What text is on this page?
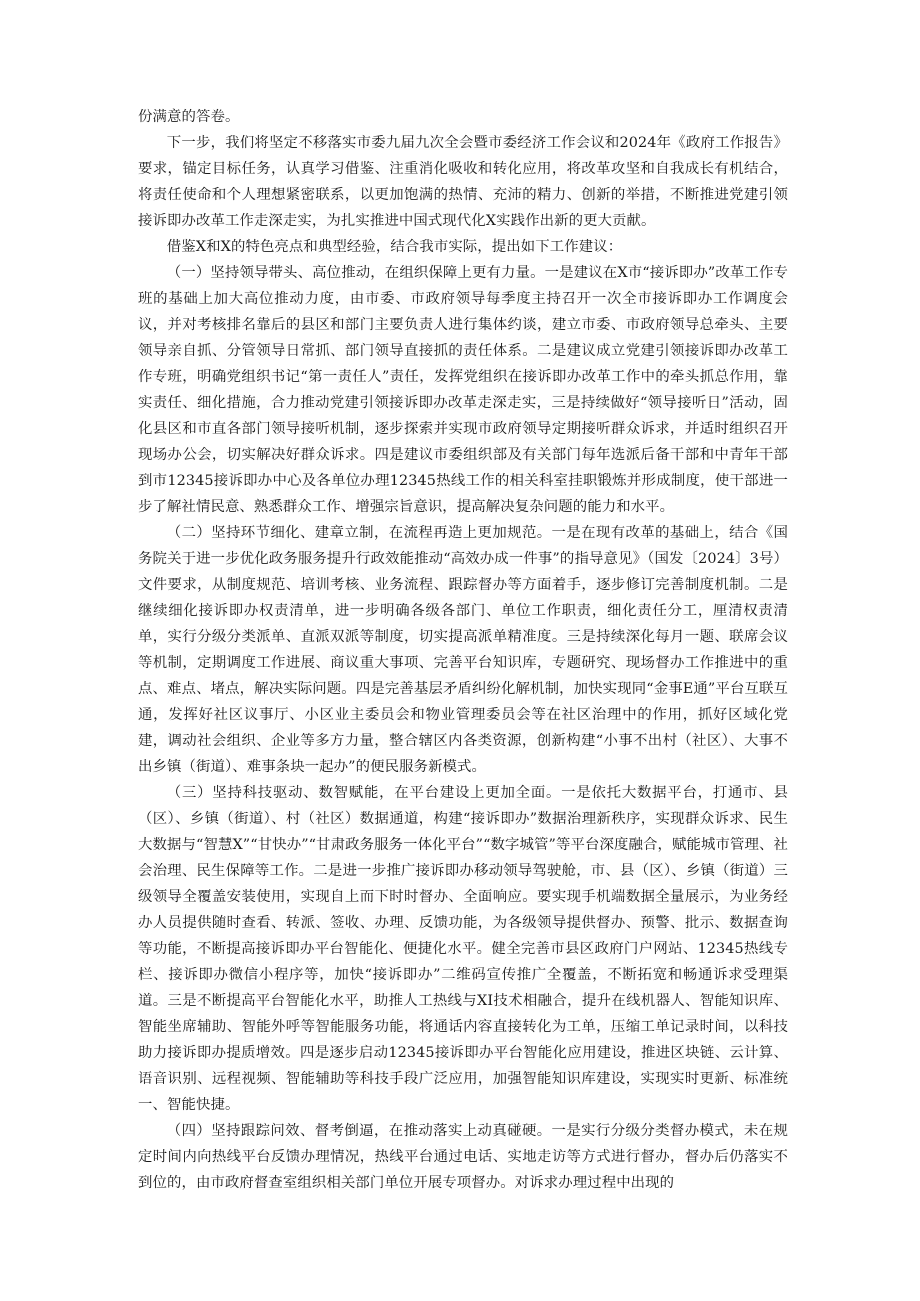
份满意的答卷。

下一步，我们将坚定不移落实市委九届九次全会暨市委经济工作会议和2024年《政府工作报告》要求，锚定目标任务，认真学习借鉴、注重消化吸收和转化应用，将改革攻坚和自我成长有机结合，将责任使命和个人理想紧密联系，以更加饱满的热情、充沛的精力、创新的举措，不断推进党建引领接诉即办改革工作走深走实，为扎实推进中国式现代化X实践作出新的更大贡献。

借鉴X和X的特色亮点和典型经验，结合我市实际，提出如下工作建议：

（一）坚持领导带头、高位推动，在组织保障上更有力量。一是建议在X市“接诉即办”改革工作专班的基础上加大高位推动力度，由市委、市政府领导每季度主持召开一次全市接诉即办工作调度会议，并对考核排名靠后的县区和部门主要负责人进行集体约谈，建立市委、市政府领导总牵头、主要领导亲自抓、分管领导日常抓、部门领导直接抓的责任体系。二是建议成立党建引领接诉即办改革工作专班，明确党组织书记“第一责任人”责任，发挥党组织在接诉即办改革工作中的牵头抓总作用，靠实责任、细化措施，合力推动党建引领接诉即办改革走深走实，三是持续做好“领导接听日”活动，固化县区和市直各部门领导接听机制，逐步探索并实现市政府领导定期接听群众诉求，并适时组织召开现场办公会，切实解决好群众诉求。四是建议市委组织部及有关部门每年选派后备干部和中青年干部到市12345接诉即办中心及各单位办理12345热线工作的相关科室挂职锻炼并形成制度，使干部进一步了解社情民意、熟悉群众工作、增强宗旨意识，提高解决复杂问题的能力和水平。

（二）坚持环节细化、建章立制，在流程再造上更加规范。一是在现有改革的基础上，结合《国务院关于进一步优化政务服务提升行政效能推动“高效办成一件事”的指导意见》（国发〔2024〕3号）文件要求，从制度规范、培训考核、业务流程、跟踪督办等方面着手，逐步修订完善制度机制。二是继续细化接诉即办权责清单，进一步明确各级各部门、单位工作职责，细化责任分工，厘清权责清单，实行分级分类派单、直派双派等制度，切实提高派单精准度。三是持续深化每月一题、联席会议等机制，定期调度工作进展、商议重大事项、完善平台知识库，专题研究、现场督办工作推进中的重点、难点、堵点，解决实际问题。四是完善基层矛盾纠纷化解机制，加快实现同“金事E通”平台互联互通，发挥好社区议事厅、小区业主委员会和物业管理委员会等在社区治理中的作用，抓好区域化党建，调动社会组织、企业等多方力量，整合辖区内各类资源，创新构建“小事不出村（社区）、大事不出乡镇（街道）、难事条块一起办”的便民服务新模式。

（三）坚持科技驱动、数智赋能，在平台建设上更加全面。一是依托大数据平台，打通市、县（区）、乡镇（街道）、村（社区）数据通道，构建“接诉即办”数据治理新秩序，实现群众诉求、民生大数据与“智慧X”“甘快办”“甘肃政务服务一体化平台”“数字城管”等平台深度融合，赋能城市管理、社会治理、民生保障等工作。二是进一步推广接诉即办移动领导驾驶舱，市、县（区）、乡镇（街道）三级领导全覆盖安装使用，实现自上而下时时督办、全面响应。要实现手机端数据全量展示，为业务经办人员提供随时查看、转派、签收、办理、反馈功能，为各级领导提供督办、预警、批示、数据查询等功能，不断提高接诉即办平台智能化、便捷化水平。健全完善市县区政府门户网站、12345热线专栏、接诉即办微信小程序等，加快“接诉即办”二维码宣传推广全覆盖，不断拓宽和畅通诉求受理渠道。三是不断提高平台智能化水平，助推人工热线与XI技术相融合，提升在线机器人、智能知识库、智能坐席辅助、智能外呼等智能服务功能，将通话内容直接转化为工单，压缩工单记录时间，以科技助力接诉即办提质增效。四是逐步启动12345接诉即办平台智能化应用建设，推进区块链、云计算、语音识别、远程视频、智能辅助等科技手段广泛应用，加强智能知识库建设，实现实时更新、标准统一、智能快捷。

（四）坚持跟踪问效、督考倒逼，在推动落实上动真碰硬。一是实行分级分类督办模式，未在规定时间内向热线平台反馈办理情况，热线平台通过电话、实地走访等方式进行督办，督办后仍落实不到位的，由市政府督查室组织相关部门单位开展专项督办。对诉求办理过程中出现的
